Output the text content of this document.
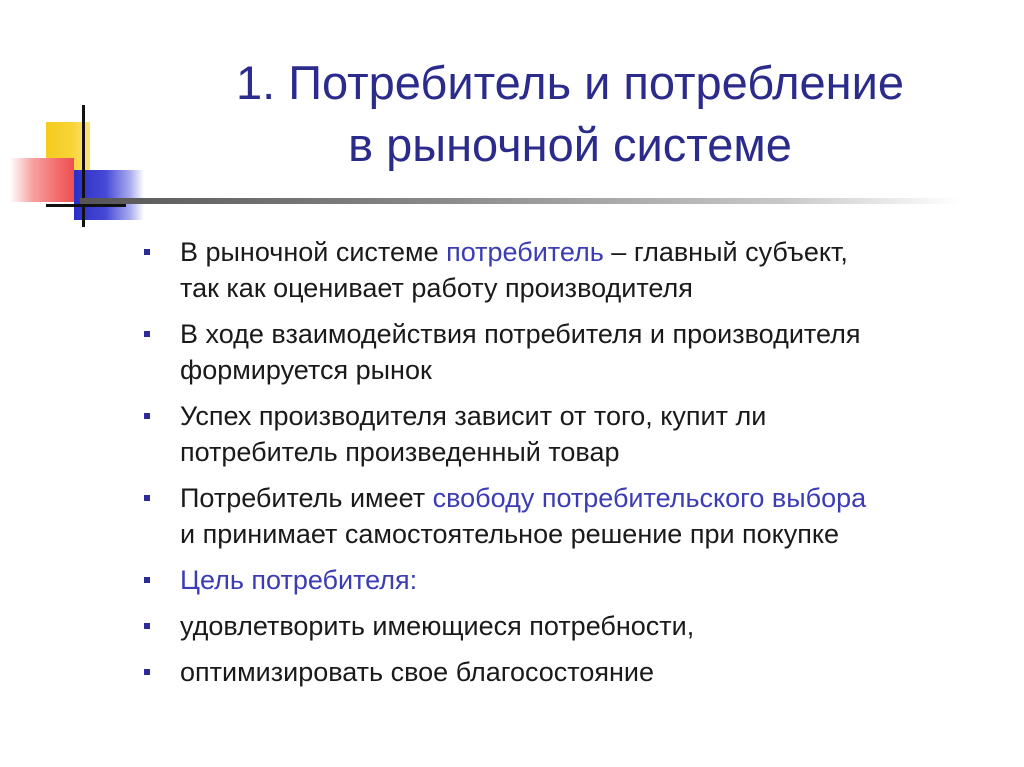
1. Потребитель и потребление
в рыночной системе
В рыночной системе потребитель – главный субъект,
так как оценивает работу производителя
В ходе взаимодействия потребителя и производителя
формируется рынок
Успех производителя зависит от того, купит ли
потребитель произведенный товар
Потребитель имеет свободу потребительского выбора
и принимает самостоятельное решение при покупке
Цель потребителя:
удовлетворить имеющиеся потребности,
оптимизировать свое благосостояние
